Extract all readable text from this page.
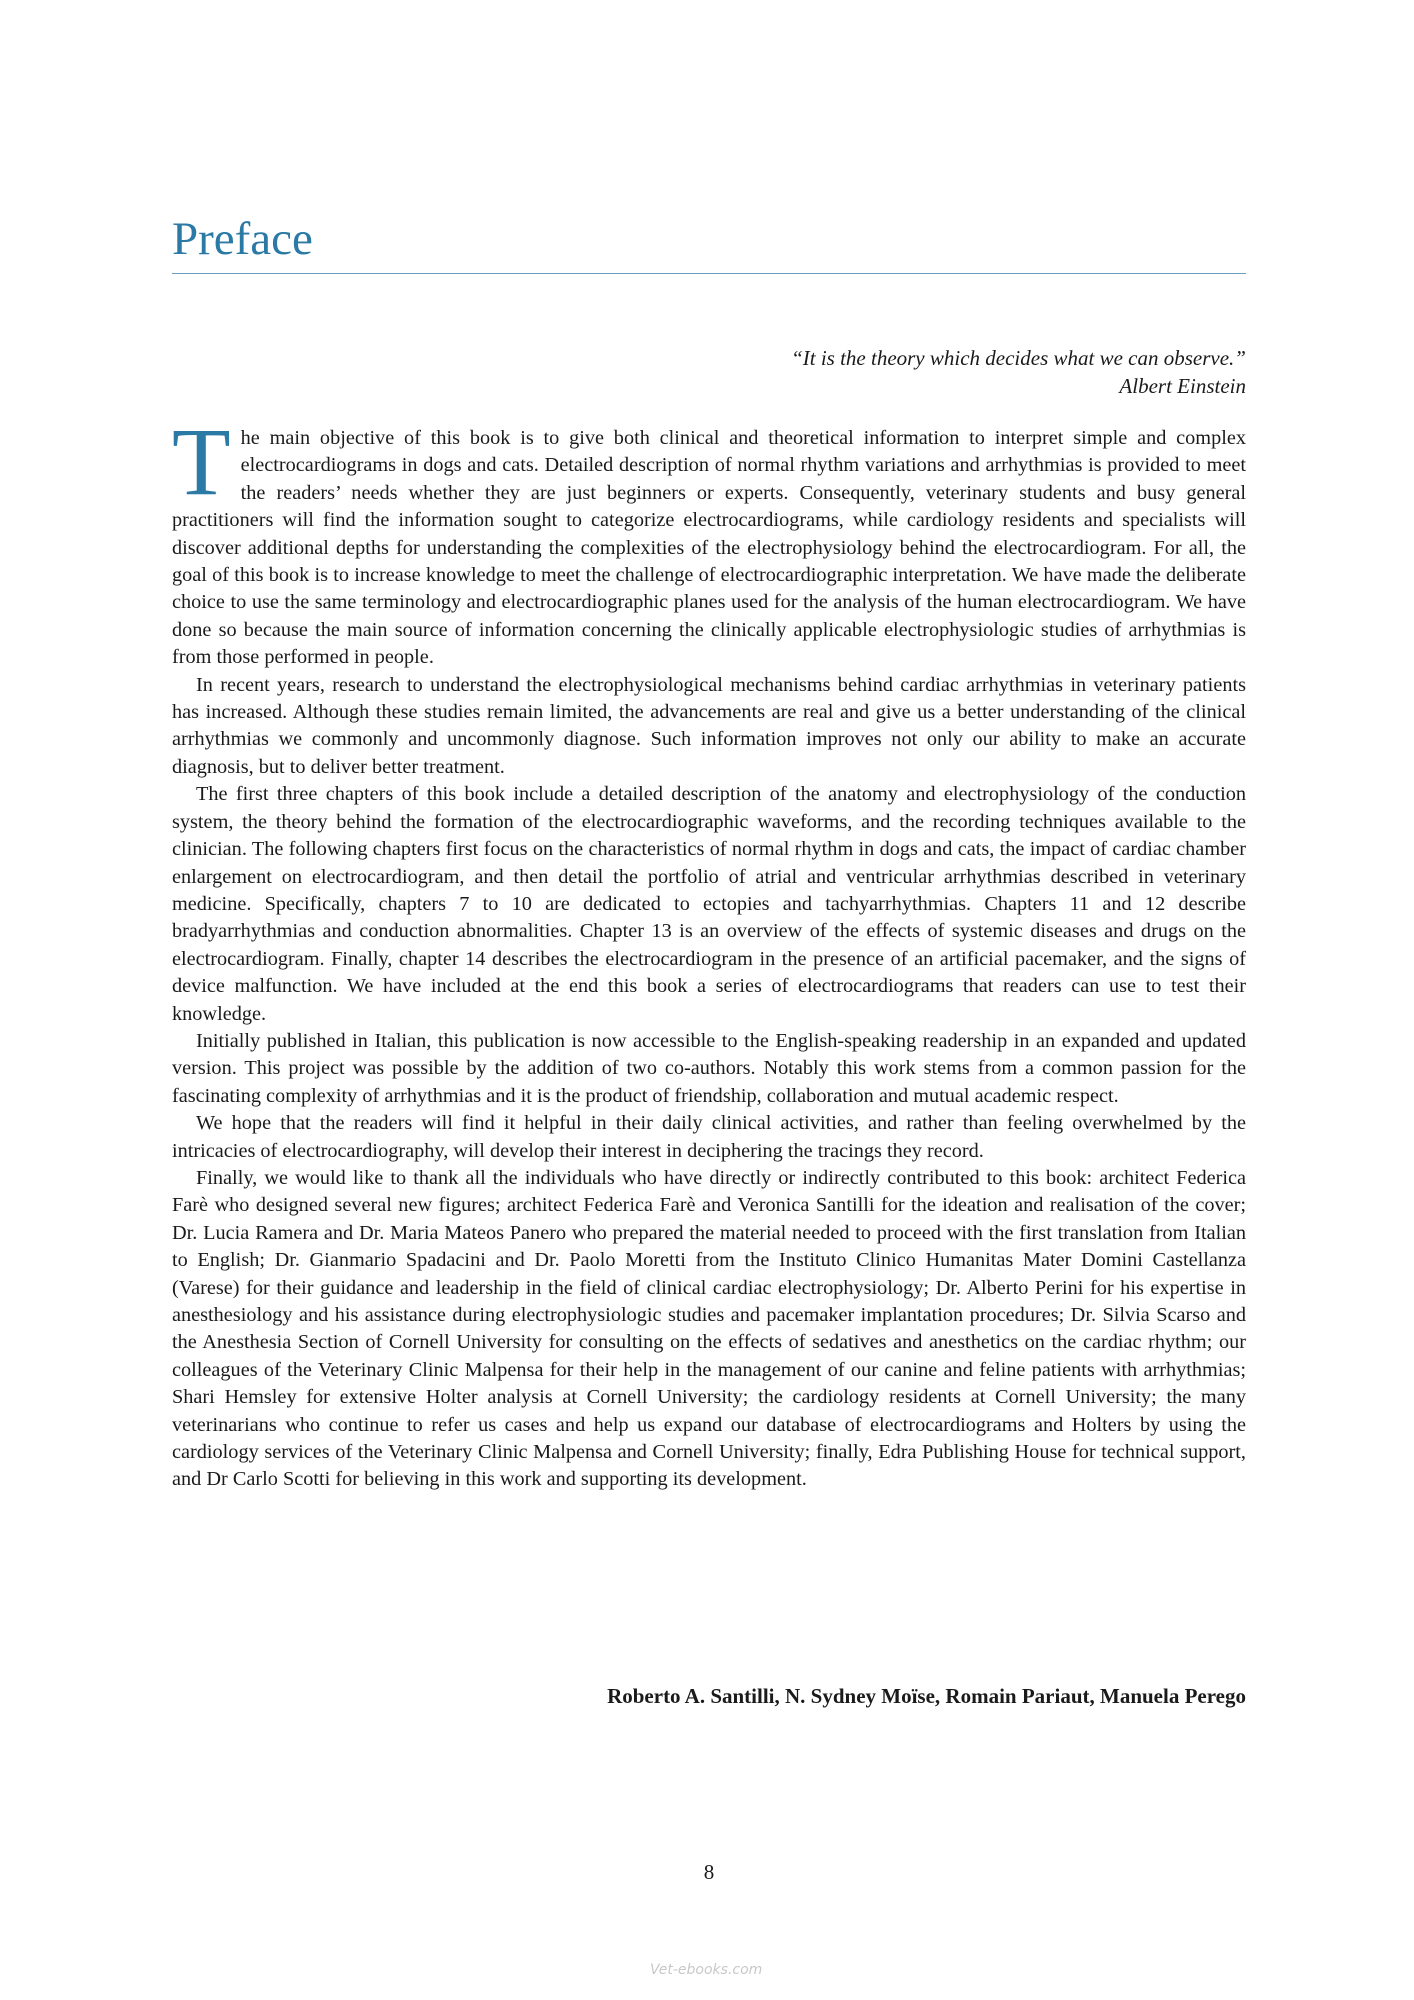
Preface
“It is the theory which decides what we can observe.”
Albert Einstein

The main objective of this book is to give both clinical and theoretical information to interpret simple and complex electrocardiograms in dogs and cats. Detailed description of normal rhythm variations and arrhythmias is provided to meet the readers’ needs whether they are just beginners or experts. Consequently, veterinary students and busy general practitioners will find the information sought to categorize electrocardiograms, while cardiology residents and specialists will discover additional depths for understanding the complexities of the electrophysiology behind the electrocardiogram. For all, the goal of this book is to increase knowledge to meet the challenge of electrocardiographic interpretation. We have made the deliberate choice to use the same terminology and electrocardiographic planes used for the analysis of the human electrocardiogram. We have done so because the main source of information concerning the clinically applicable electrophysiologic studies of arrhythmias is from those performed in people.

In recent years, research to understand the electrophysiological mechanisms behind cardiac arrhythmias in veterinary patients has increased. Although these studies remain limited, the advancements are real and give us a better understanding of the clinical arrhythmias we commonly and uncommonly diagnose. Such information improves not only our ability to make an accurate diagnosis, but to deliver better treatment.

The first three chapters of this book include a detailed description of the anatomy and electrophysiology of the conduction system, the theory behind the formation of the electrocardiographic waveforms, and the recording techniques available to the clinician. The following chapters first focus on the characteristics of normal rhythm in dogs and cats, the impact of cardiac chamber enlargement on electrocardiogram, and then detail the portfolio of atrial and ventricular arrhythmias described in veterinary medicine. Specifically, chapters 7 to 10 are dedicated to ectopies and tachyarrhythmias. Chapters 11 and 12 describe bradyarrhythmias and conduction abnormalities. Chapter 13 is an overview of the effects of systemic diseases and drugs on the electrocardiogram. Finally, chapter 14 describes the electrocardiogram in the presence of an artificial pacemaker, and the signs of device malfunction. We have included at the end this book a series of electrocardiograms that readers can use to test their knowledge.

Initially published in Italian, this publication is now accessible to the English-speaking readership in an expanded and updated version. This project was possible by the addition of two co-authors. Notably this work stems from a common passion for the fascinating complexity of arrhythmias and it is the product of friendship, collaboration and mutual academic respect.

We hope that the readers will find it helpful in their daily clinical activities, and rather than feeling overwhelmed by the intricacies of electrocardiography, will develop their interest in deciphering the tracings they record.

Finally, we would like to thank all the individuals who have directly or indirectly contributed to this book: architect Federica Farè who designed several new figures; architect Federica Farè and Veronica Santilli for the ideation and realisation of the cover; Dr. Lucia Ramera and Dr. Maria Mateos Panero who prepared the material needed to proceed with the first translation from Italian to English; Dr. Gianmario Spadacini and Dr. Paolo Moretti from the Instituto Clinico Humanitas Mater Domini Castellanza (Varese) for their guidance and leadership in the field of clinical cardiac electrophysiology; Dr. Alberto Perini for his expertise in anesthesiology and his assistance during electrophysiologic studies and pacemaker implantation procedures; Dr. Silvia Scarso and the Anesthesia Section of Cornell University for consulting on the effects of sedatives and anesthetics on the cardiac rhythm; our colleagues of the Veterinary Clinic Malpensa for their help in the management of our canine and feline patients with arrhythmias; Shari Hemsley for extensive Holter analysis at Cornell University; the cardiology residents at Cornell University; the many veterinarians who continue to refer us cases and help us expand our database of electrocardiograms and Holters by using the cardiology services of the Veterinary Clinic Malpensa and Cornell University; finally, Edra Publishing House for technical support, and Dr Carlo Scotti for believing in this work and supporting its development.

Roberto A. Santilli, N. Sydney Moïse, Romain Pariaut, Manuela Perego
8
Vet-ebooks.com
